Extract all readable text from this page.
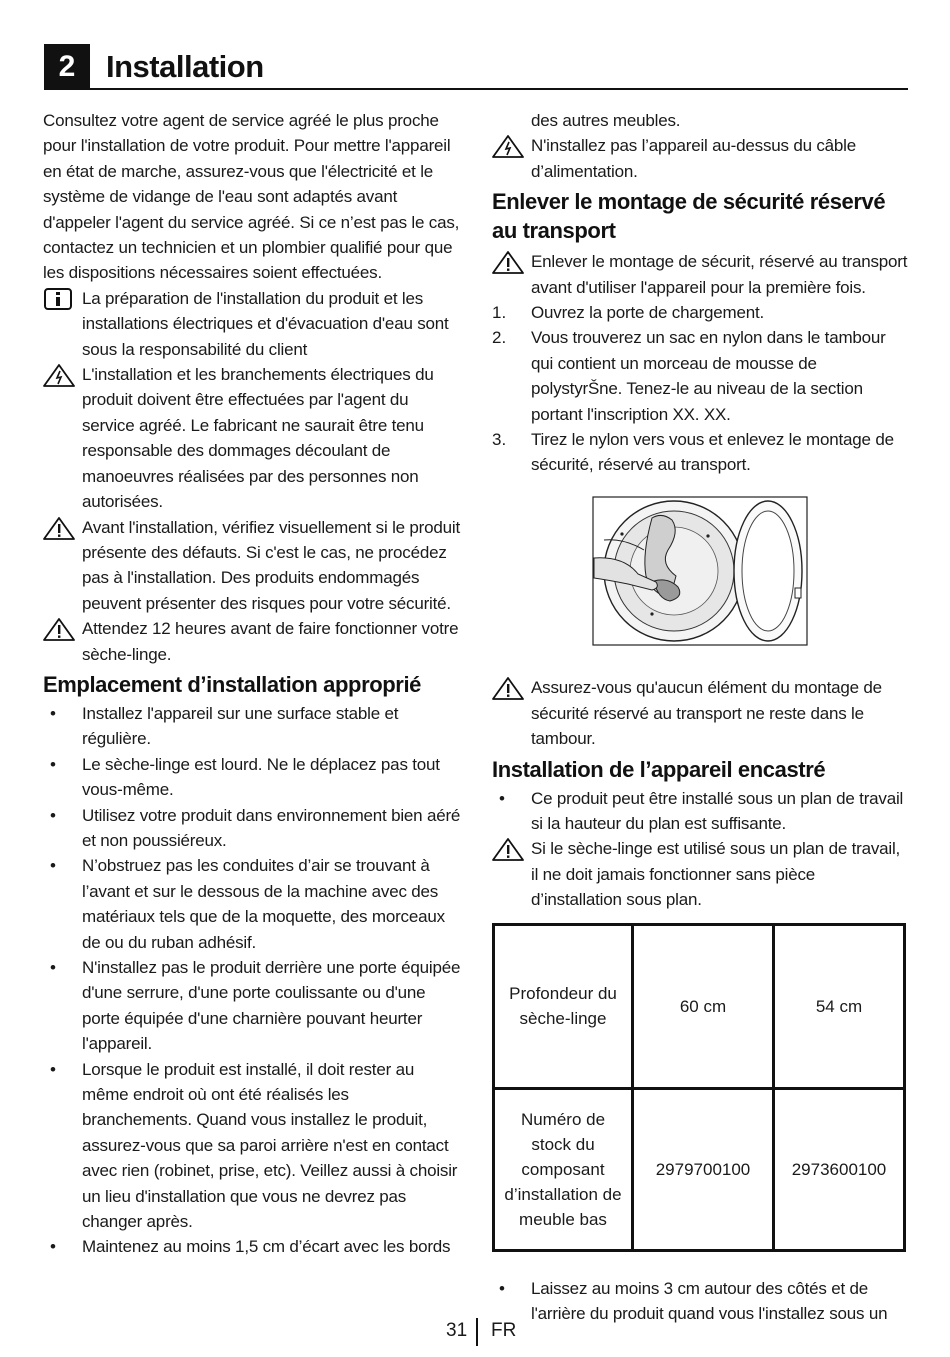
2 Installation

Consultez votre agent de service agréé le plus proche pour l'installation de votre produit. Pour mettre l'appareil en état de marche, assurez-vous que l'électricité et le système de vidange de l'eau sont adaptés avant d'appeler l'agent du service agréé. Si ce n’est pas le cas, contactez un technicien et un plombier qualifié pour que les dispositions nécessaires soient effectuées.

La préparation de l'installation du produit et les installations électriques et d'évacuation d'eau sont sous la responsabilité du client

L'installation et les branchements électriques du produit doivent être effectuées par l'agent du service agréé. Le fabricant ne saurait être tenu responsable des dommages découlant de manoeuvres réalisées par des personnes non autorisées.

Avant l'installation, vérifiez visuellement si le produit présente des défauts. Si c'est le cas, ne procédez pas à l'installation. Des produits endommagés peuvent présenter des risques pour votre sécurité.

Attendez 12 heures avant de faire fonctionner votre sèche-linge.

Emplacement d’installation approprié
•	Installez l'appareil sur une surface stable et régulière.

•	Le sèche-linge est lourd. Ne le déplacez pas tout vous-même.

•	Utilisez votre produit dans environnement bien aéré et non poussiéreux.

•	N’obstruez pas les conduites d’air se trouvant à l’avant et sur le dessous de la machine avec des matériaux tels que de la moquette, des morceaux de ou du ruban adhésif.

•	N'installez pas le produit derrière une porte équipée d'une serrure, d'une porte coulissante ou d'une porte équipée d'une charnière pouvant heurter l'appareil.

•	Lorsque le produit est installé, il doit rester au même endroit où ont été réalisés les branchements. Quand vous installez le produit, assurez-vous que sa paroi arrière n'est en contact avec rien (robinet, prise, etc). Veillez aussi à choisir un lieu d'installation que vous ne devrez pas changer après.

•	Maintenez au moins 1,5 cm d’écart avec les bords

des autres meubles.

N'installez pas l’appareil au-dessus du câble d’alimentation.

Enlever le montage de sécurité réservé au transport

Enlever le montage de sécurit, réservé au transport avant d'utiliser l'appareil pour la première fois.

1. Ouvrez la porte de chargement.

2. Vous trouverez un sac en nylon dans le tambour qui contient un morceau de mousse de polystyrŠne. Tenez-le au niveau de la section portant l'inscription XX. XX.

3. Tirez le nylon vers vous et enlevez le montage de sécurité, réservé au transport.

Assurez-vous qu'aucun élément du montage de sécurité réservé au transport ne reste dans le tambour.

Installation de l’appareil encastré
•	Ce produit peut être installé sous un plan de travail si la hauteur du plan est suffisante.

Si le sèche-linge est utilisé sous un plan de travail, il ne doit jamais fonctionner sans pièce d’installation sous plan.

Profondeur du sèche-linge	60 cm	54 cm
Numéro de stock du composant d’installation de meuble bas	2979700100	2973600100
•	Laissez au moins 3 cm autour des côtés et de l'arrière du produit quand vous l'installez sous un

31 FR
